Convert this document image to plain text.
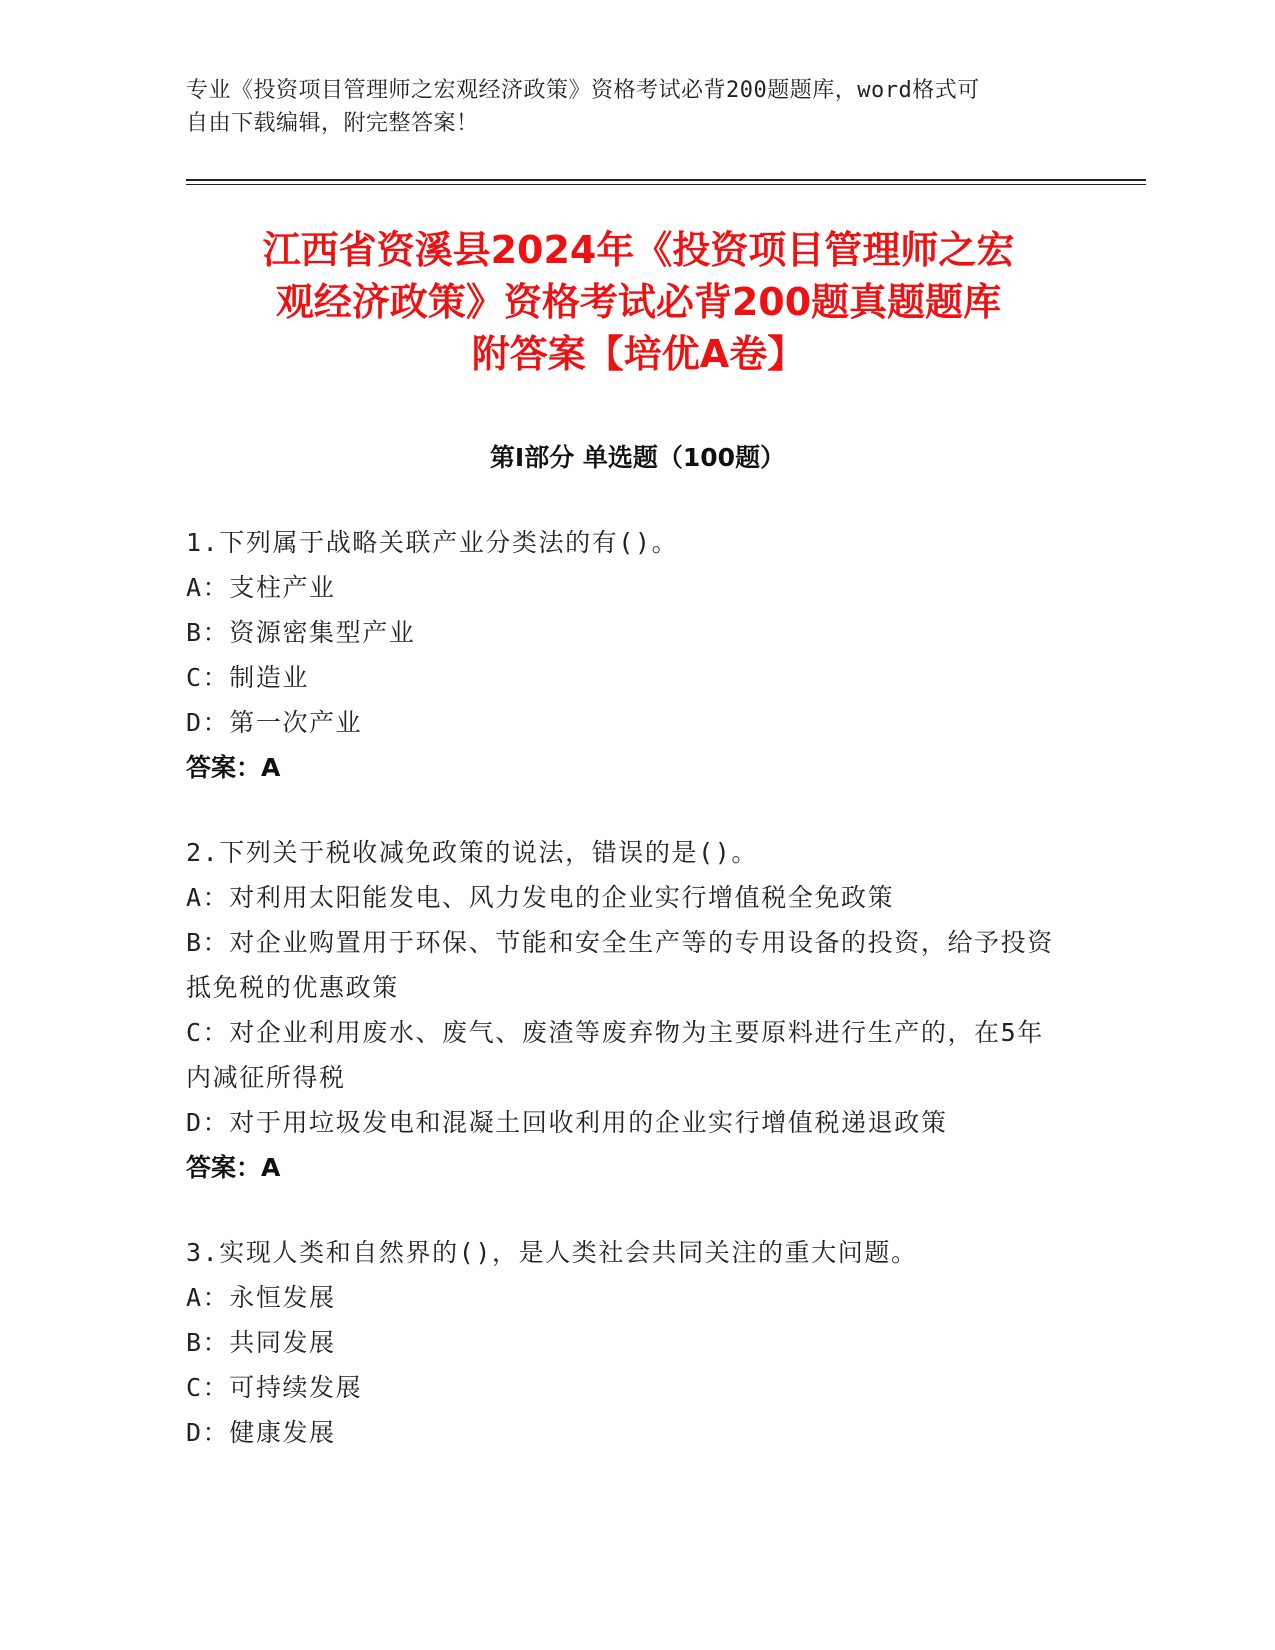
专业《投资项目管理师之宏观经济政策》资格考试必背200题题库，word格式可
自由下载编辑，附完整答案！
江西省资溪县2024年《投资项目管理师之宏
观经济政策》资格考试必背200题真题题库
附答案【培优A卷】
第Ⅰ部分 单选题（100题）
1.下列属于战略关联产业分类法的有()。
A：支柱产业
B：资源密集型产业
C：制造业
D：第一次产业
答案：A
2.下列关于税收减免政策的说法，错误的是()。
A：对利用太阳能发电、风力发电的企业实行增值税全免政策
B：对企业购置用于环保、节能和安全生产等的专用设备的投资，给予投资抵免税的优惠政策
C：对企业利用废水、废气、废渣等废弃物为主要原料进行生产的，在5年内减征所得税
D：对于用垃圾发电和混凝土回收利用的企业实行增值税递退政策
答案：A
3.实现人类和自然界的()，是人类社会共同关注的重大问题。
A：永恒发展
B：共同发展
C：可持续发展
D：健康发展
